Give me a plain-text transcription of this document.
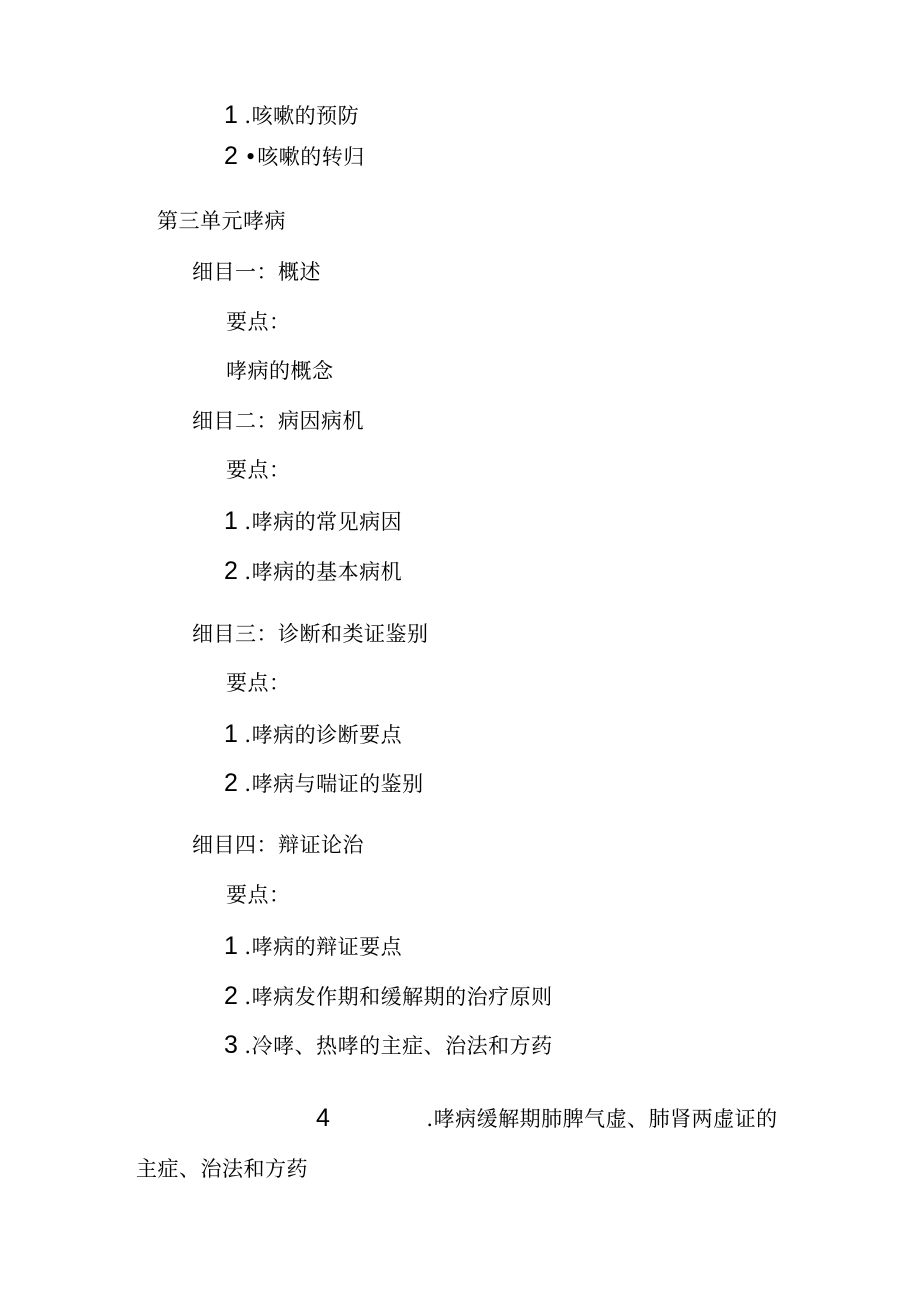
1 .咳嗽的预防
2 •咳嗽的转归
第三单元哮病
细目一：概述
要点：
哮病的概念
细目二：病因病机
要点：
1 .哮病的常见病因
2 .哮病的基本病机
细目三：诊断和类证鉴别
要点：
1 .哮病的诊断要点
2 .哮病与喘证的鉴别
细目四：辩证论治
要点：
1 .哮病的辩证要点
2 .哮病发作期和缓解期的治疗原则
3 .冷哮、热哮的主症、治法和方药
4	.哮病缓解期肺脾气虚、肺肾两虚证的主症、治法和方药
